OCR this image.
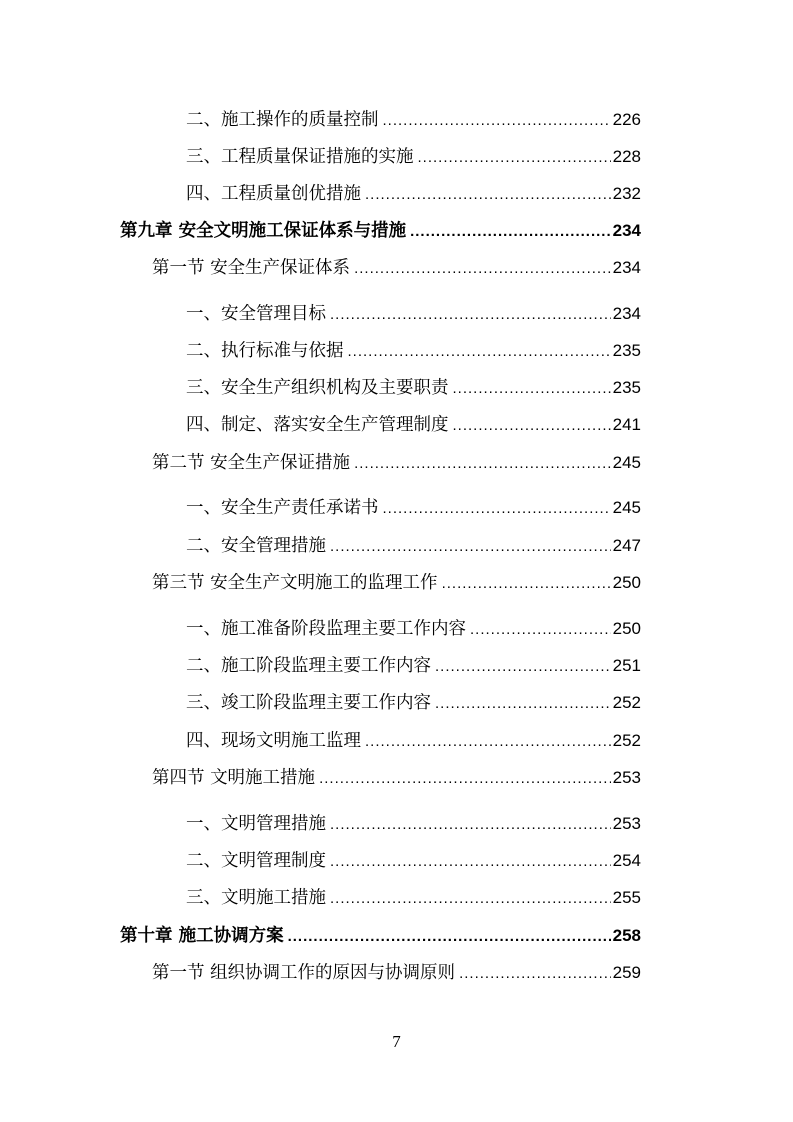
二、施工操作的质量控制 .....	226
三、工程质量保证措施的实施 .....	228
四、工程质量创优措施 .....	232
第九章 安全文明施工保证体系与措施 .....	234
第一节 安全生产保证体系 .....	234
一、安全管理目标 .....	234
二、执行标准与依据 .....	235
三、安全生产组织机构及主要职责 .....	235
四、制定、落实安全生产管理制度 .....	241
第二节 安全生产保证措施 .....	245
一、安全生产责任承诺书 .....	245
二、安全管理措施 .....	247
第三节 安全生产文明施工的监理工作 .....	250
一、施工准备阶段监理主要工作内容 .....	250
二、施工阶段监理主要工作内容 .....	251
三、竣工阶段监理主要工作内容 .....	252
四、现场文明施工监理 .....	252
第四节 文明施工措施 .....	253
一、文明管理措施 .....	253
二、文明管理制度 .....	254
三、文明施工措施 .....	255
第十章 施工协调方案 .....	258
第一节 组织协调工作的原因与协调原则 .....	259
7
